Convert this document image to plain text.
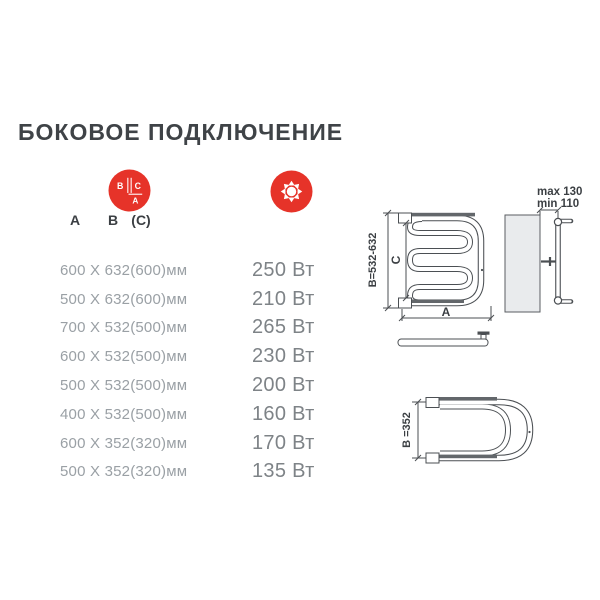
БОКОВОЕ ПОДКЛЮЧЕНИЕ
B C
A
A B (C)
600 X 632(600)мм	250 Вт
500 X 632(600)мм	210 Вт
700 X 532(500)мм	265 Вт
600 X 532(500)мм	230 Вт
500 X 532(500)мм	200 Вт
400 X 532(500)мм	160 Вт
600 X 352(320)мм	170 Вт
500 X 352(320)мм	135 Вт
B=532-632 C
A
max 130
min 110
B =352
